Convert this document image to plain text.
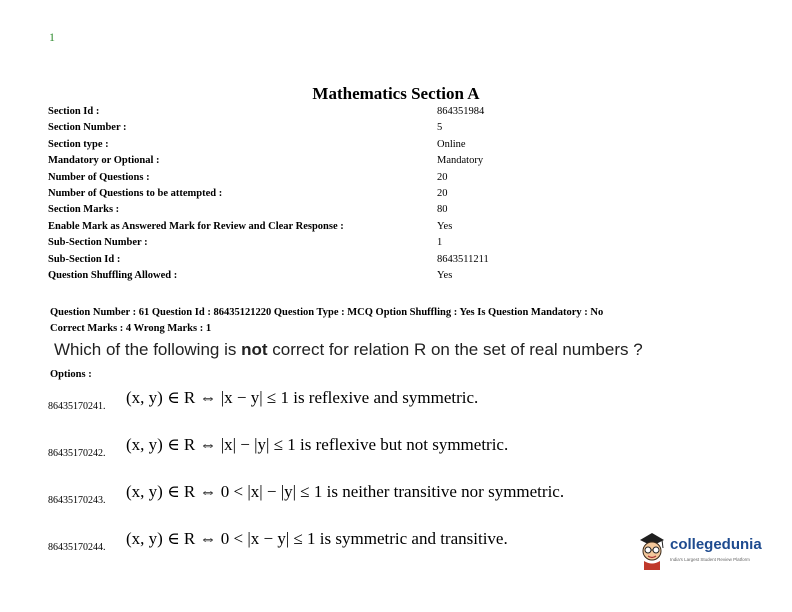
1
Mathematics Section A
Section Id :	864351984
Section Number :	5
Section type :	Online
Mandatory or Optional :	Mandatory
Number of Questions :	20
Number of Questions to be attempted :	20
Section Marks :	80
Enable Mark as Answered Mark for Review and Clear Response :	Yes
Sub-Section Number :	1
Sub-Section Id :	8643511211
Question Shuffling Allowed :	Yes
Question Number : 61 Question Id : 86435121220 Question Type : MCQ Option Shuffling : Yes Is Question Mandatory : No
Correct Marks : 4 Wrong Marks : 1
Which of the following is not correct for relation R on the set of real numbers ?
Options :
86435170241. (x, y) ∈ R ⇔ |x − y| ≤ 1 is reflexive and symmetric.
86435170242. (x, y) ∈ R ⇔ |x| − |y| ≤ 1 is reflexive but not symmetric.
86435170243. (x, y) ∈ R ⇔ 0 < |x| − |y| ≤ 1 is neither transitive nor symmetric.
86435170244. (x, y) ∈ R ⇔ 0 < |x − y| ≤ 1 is symmetric and transitive.	collegedunia
India's Largest Student Review Platform
